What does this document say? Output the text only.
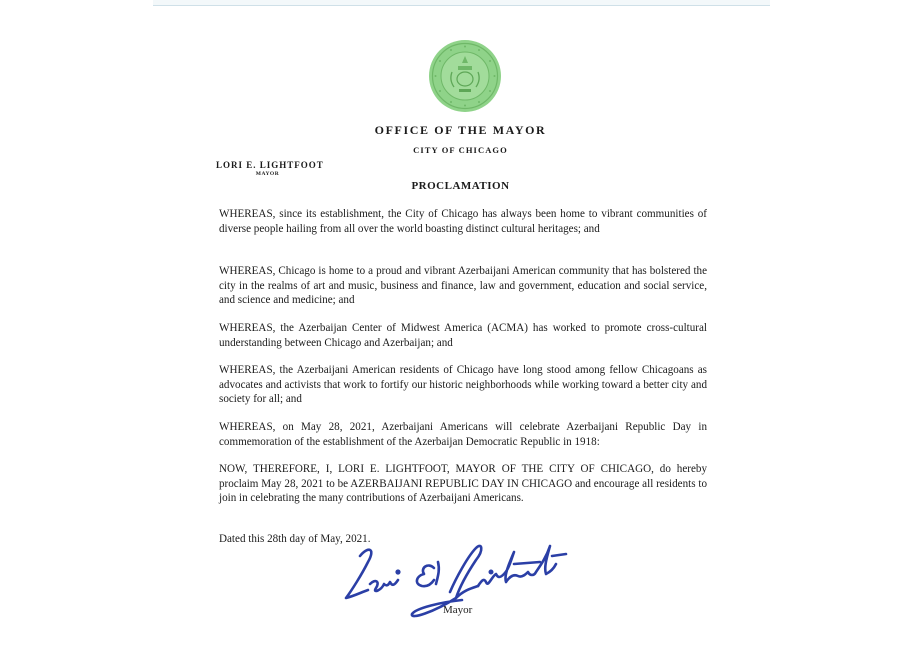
OFFICE OF THE MAYOR
CITY OF CHICAGO
LORI E. LIGHTFOOT
MAYOR
PROCLAMATION
WHEREAS, since its establishment, the City of Chicago has always been home to vibrant communities of diverse people hailing from all over the world boasting distinct cultural heritages; and
WHEREAS, Chicago is home to a proud and vibrant Azerbaijani American community that has bolstered the city in the realms of art and music, business and finance, law and government, education and social service, and science and medicine; and
WHEREAS, the Azerbaijan Center of Midwest America (ACMA) has worked to promote cross-cultural understanding between Chicago and Azerbaijan; and
WHEREAS, the Azerbaijani American residents of Chicago have long stood among fellow Chicagoans as advocates and activists that work to fortify our historic neighborhoods while working toward a better city and society for all; and
WHEREAS, on May 28, 2021, Azerbaijani Americans will celebrate Azerbaijani Republic Day in commemoration of the establishment of the Azerbaijan Democratic Republic in 1918:
NOW, THEREFORE, I, LORI E. LIGHTFOOT, MAYOR OF THE CITY OF CHICAGO, do hereby proclaim May 28, 2021 to be AZERBAIJANI REPUBLIC DAY IN CHICAGO and encourage all residents to join in celebrating the many contributions of Azerbaijani Americans.
Dated this 28th day of May, 2021.
Mayor
